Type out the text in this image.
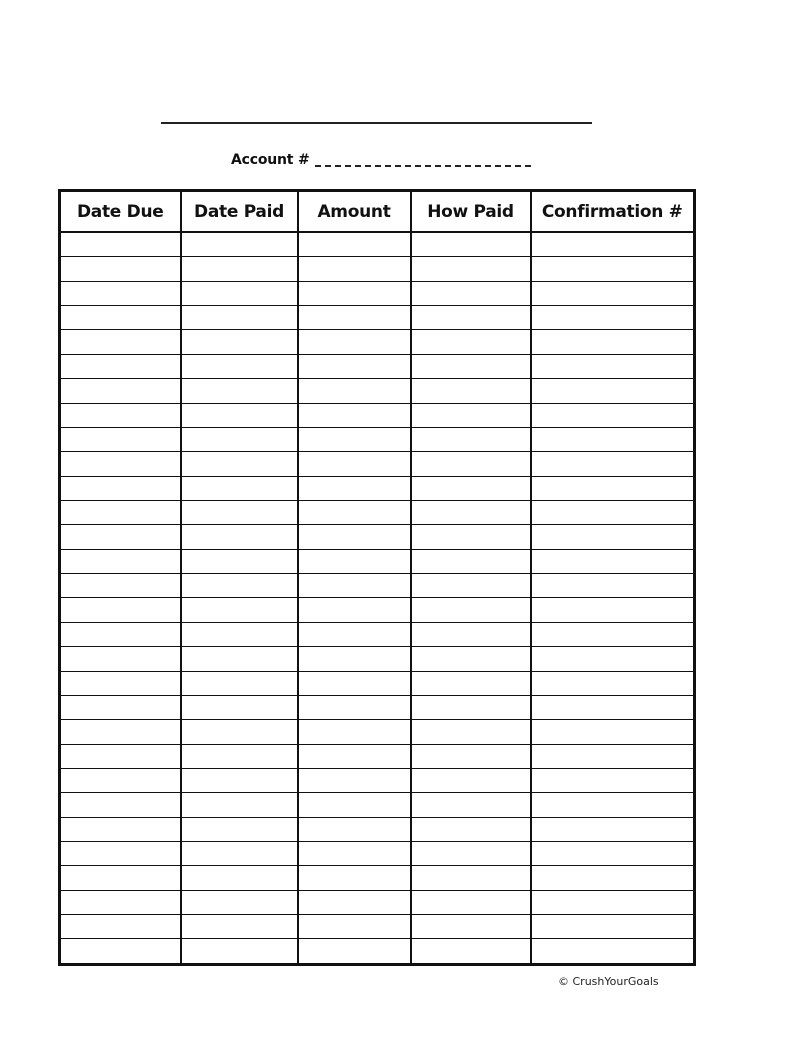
Account #
Date Due	Date Paid	Amount	How Paid	Confirmation #

© CrushYourGoals
